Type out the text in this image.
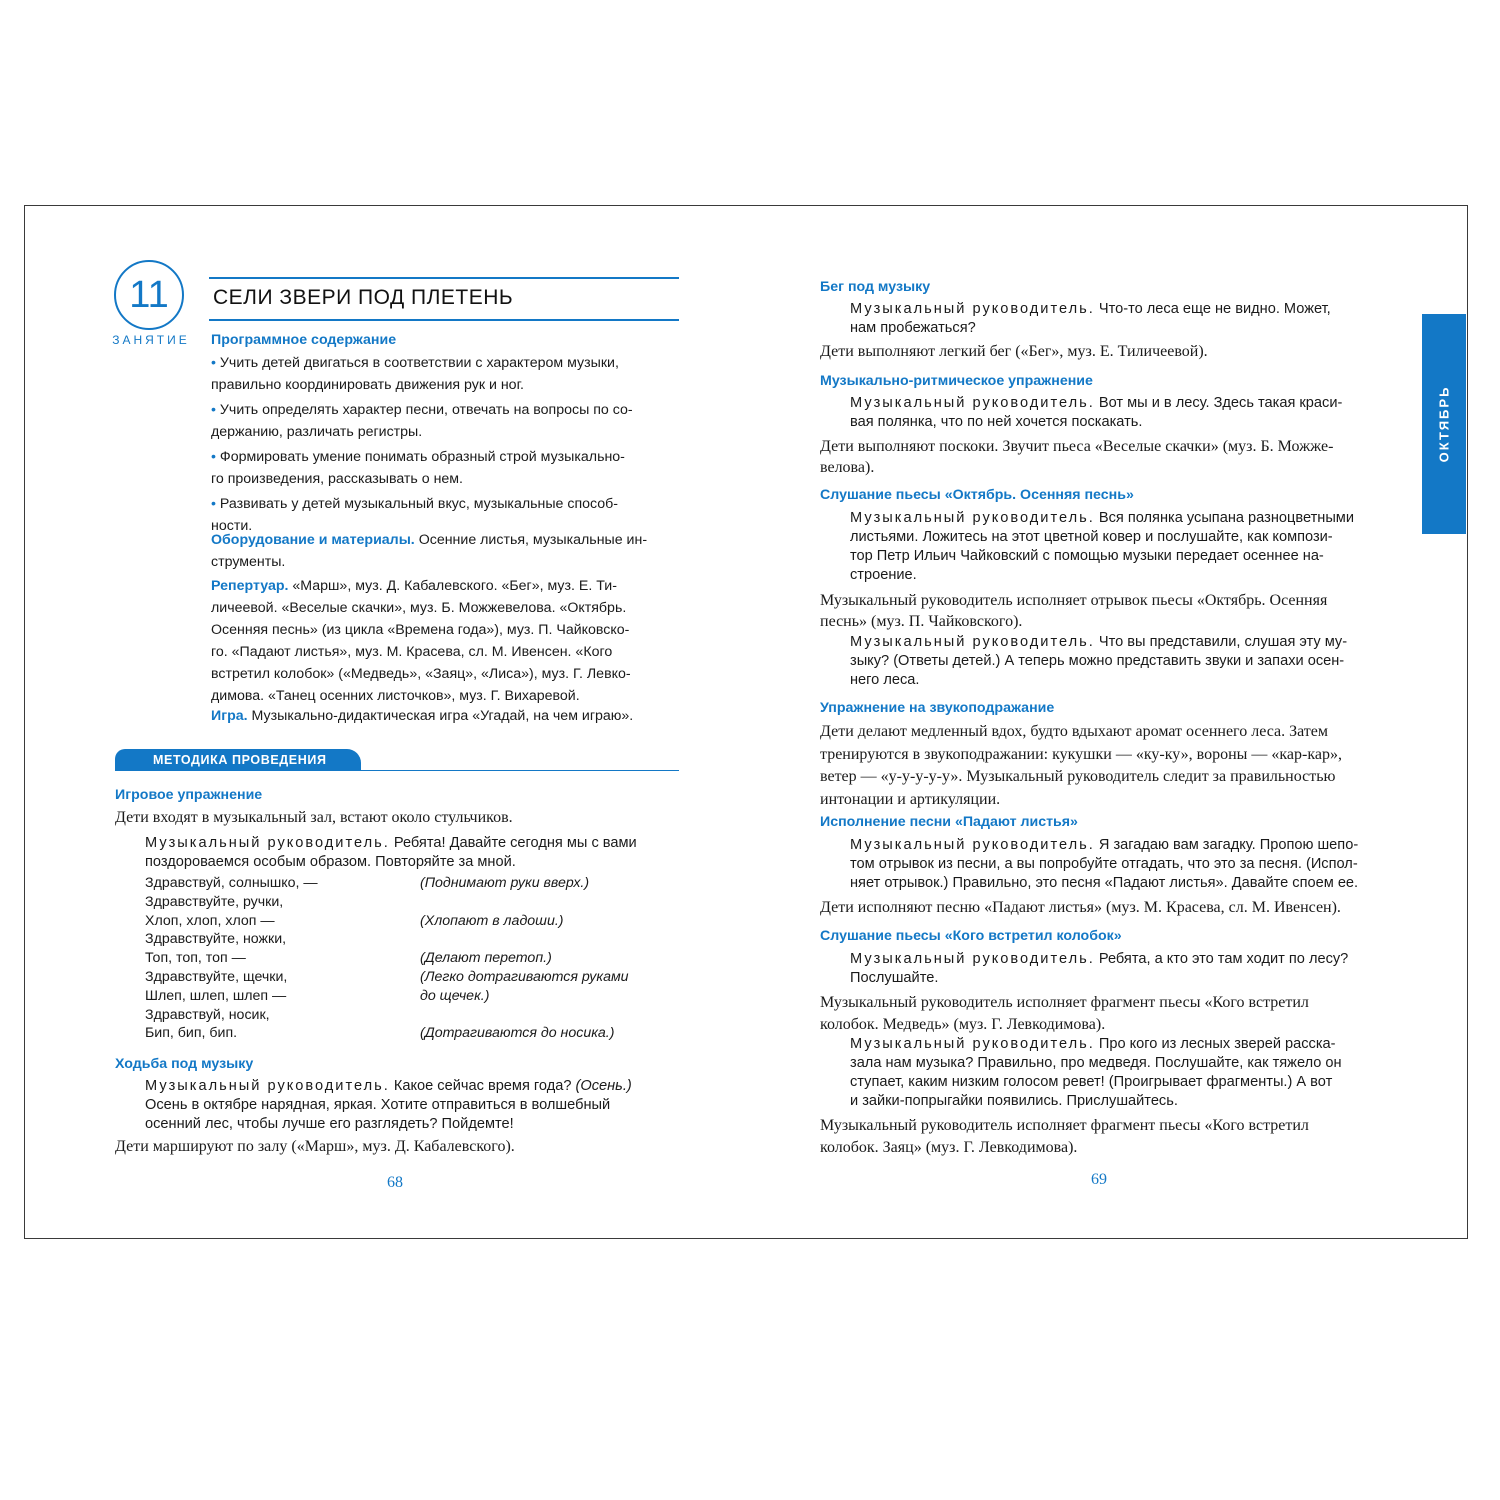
11
ЗАНЯТИЕ
СЕЛИ ЗВЕРИ ПОД ПЛЕТЕНЬ
Программное содержание
• Учить детей двигаться в соответствии с характером музыки,
правильно координировать движения рук и ног.
• Учить определять характер песни, отвечать на вопросы по со-
держанию, различать регистры.
• Формировать умение понимать образный строй музыкально-
го произведения, рассказывать о нем.
• Развивать у детей музыкальный вкус, музыкальные способ-
ности.
Оборудование и материалы. Осенние листья, музыкальные ин-
струменты.
Репертуар. «Марш», муз. Д. Кабалевского. «Бег», муз. Е. Ти-
личеевой. «Веселые скачки», муз. Б. Можжевелова. «Октябрь.
Осенняя песнь» (из цикла «Времена года»), муз. П. Чайковско-
го. «Падают листья», муз. М. Красева, сл. М. Ивенсен. «Кого
встретил колобок» («Медведь», «Заяц», «Лиса»), муз. Г. Левко-
димова. «Танец осенних листочков», муз. Г. Вихаревой.
Игра. Музыкально-дидактическая игра «Угадай, на чем играю».
МЕТОДИКА ПРОВЕДЕНИЯ
Игровое упражнение
Дети входят в музыкальный зал, встают около стульчиков.
Музыкальный руководитель. Ребята! Давайте сегодня мы с вами
поздороваемся особым образом. Повторяйте за мной.
Здравствуй, солнышко, —
Здравствуйте, ручки,
Хлоп, хлоп, хлоп —
Здравствуйте, ножки,
Топ, топ, топ —
Здравствуйте, щечки,
Шлеп, шлеп, шлеп —
Здравствуй, носик,
Бип, бип, бип.
(Поднимают руки вверх.)

(Хлопают в ладоши.)

(Делают перетоп.)
(Легко дотрагиваются руками
до щечек.)

(Дотрагиваются до носика.)
Ходьба под музыку
Музыкальный руководитель. Какое сейчас время года? (Осень.)
Осень в октябре нарядная, яркая. Хотите отправиться в волшебный
осенний лес, чтобы лучше его разглядеть? Пойдемте!
Дети маршируют по залу («Марш», муз. Д. Кабалевского).
68
ОКТЯБРЬ
Бег под музыку
Музыкальный руководитель. Что-то леса еще не видно. Может,
нам пробежаться?
Дети выполняют легкий бег («Бег», муз. Е. Тиличеевой).
Музыкально-ритмическое упражнение
Музыкальный руководитель. Вот мы и в лесу. Здесь такая краси-
вая полянка, что по ней хочется поскакать.
Дети выполняют поскоки. Звучит пьеса «Веселые скачки» (муз. Б. Можже-
велова).
Слушание пьесы «Октябрь. Осенняя песнь»
Музыкальный руководитель. Вся полянка усыпана разноцветными
листьями. Ложитесь на этот цветной ковер и послушайте, как компози-
тор Петр Ильич Чайковский с помощью музыки передает осеннее на-
строение.
Музыкальный руководитель исполняет отрывок пьесы «Октябрь. Осенняя
песнь» (муз. П. Чайковского).
Музыкальный руководитель. Что вы представили, слушая эту му-
зыку? (Ответы детей.) А теперь можно представить звуки и запахи осен-
него леса.
Упражнение на звукоподражание
Дети делают медленный вдох, будто вдыхают аромат осеннего леса. Затем
тренируются в звукоподражании: кукушки — «ку-ку», вороны — «кар-кар»,
ветер — «у-у-у-у-у». Музыкальный руководитель следит за правильностью
интонации и артикуляции.
Исполнение песни «Падают листья»
Музыкальный руководитель. Я загадаю вам загадку. Пропою шепо-
том отрывок из песни, а вы попробуйте отгадать, что это за песня. (Испол-
няет отрывок.) Правильно, это песня «Падают листья». Давайте споем ее.
Дети исполняют песню «Падают листья» (муз. М. Красева, сл. М. Ивенсен).
Слушание пьесы «Кого встретил колобок»
Музыкальный руководитель. Ребята, а кто это там ходит по лесу?
Послушайте.
Музыкальный руководитель исполняет фрагмент пьесы «Кого встретил
колобок. Медведь» (муз. Г. Левкодимова).
Музыкальный руководитель. Про кого из лесных зверей расска-
зала нам музыка? Правильно, про медведя. Послушайте, как тяжело он
ступает, каким низким голосом ревет! (Проигрывает фрагменты.) А вот
и зайки-попрыгайки появились. Прислушайтесь.
Музыкальный руководитель исполняет фрагмент пьесы «Кого встретил
колобок. Заяц» (муз. Г. Левкодимова).
69
